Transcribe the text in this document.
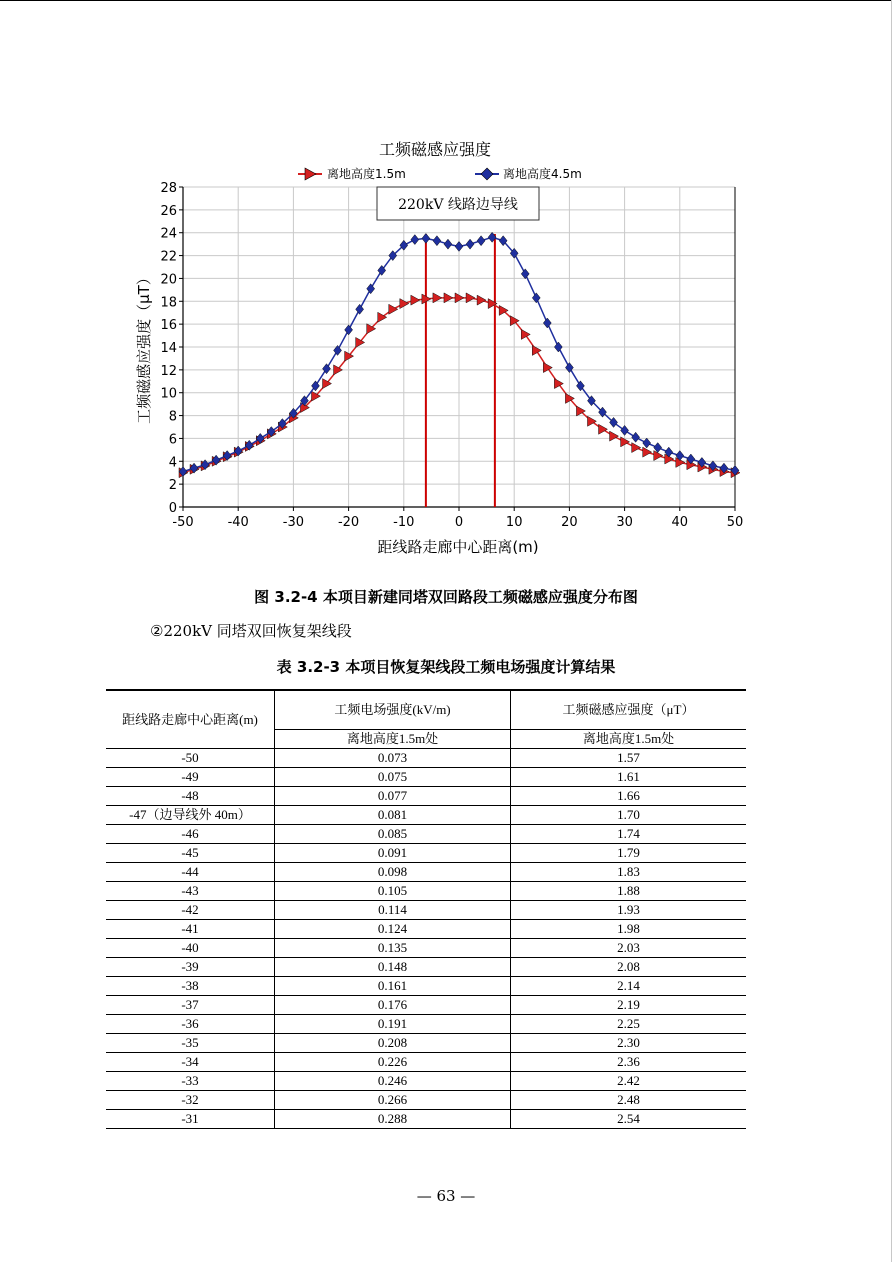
工频磁感应强度
离地高度1.5m	离地高度4.5m
-50	-40	-30	-20	-10	0	10	20	30	40	50
0
2
4
6
8
10
12
14
16
18
20
22
24
26
28
220kV 线路边导线
距线路走廊中心距离(m)
工频磁感应强度（μT）
图 3.2-4 本项目新建同塔双回路段工频磁感应强度分布图
②220kV 同塔双回恢复架线段
表 3.2-3 本项目恢复架线段工频电场强度计算结果
距线路走廊中心距离(m)	工频电场强度(kV/m)	工频磁感应强度（μT）
	离地高度1.5m处	离地高度1.5m处
-50	0.073	1.57
-49	0.075	1.61
-48	0.077	1.66
-47（边导线外 40m）	0.081	1.70
-46	0.085	1.74
-45	0.091	1.79
-44	0.098	1.83
-43	0.105	1.88
-42	0.114	1.93
-41	0.124	1.98
-40	0.135	2.03
-39	0.148	2.08
-38	0.161	2.14
-37	0.176	2.19
-36	0.191	2.25
-35	0.208	2.30
-34	0.226	2.36
-33	0.246	2.42
-32	0.266	2.48
-31	0.288	2.54
— 63 —
